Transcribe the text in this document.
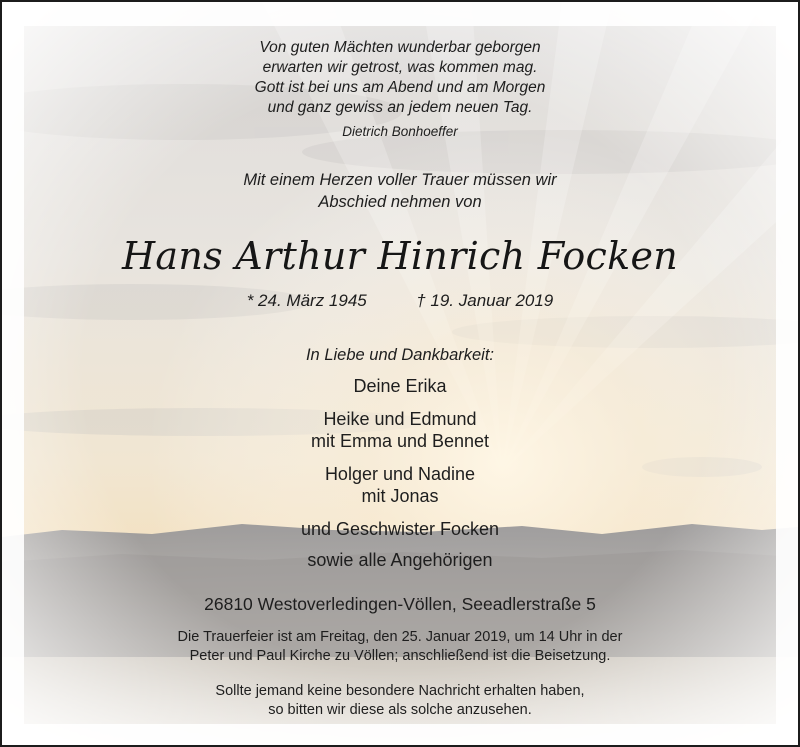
Von guten Mächten wunderbar geborgen
erwarten wir getrost, was kommen mag.
Gott ist bei uns am Abend und am Morgen
und ganz gewiss an jedem neuen Tag.
Dietrich Bonhoeffer
Mit einem Herzen voller Trauer müssen wir
Abschied nehmen von
Hans Arthur Hinrich Focken
* 24. März 1945	† 19. Januar 2019
In Liebe und Dankbarkeit:
Deine Erika
Heike und Edmund
mit Emma und Bennet
Holger und Nadine
mit Jonas
und Geschwister Focken
sowie alle Angehörigen
26810 Westoverledingen-Völlen, Seeadlerstraße 5
Die Trauerfeier ist am Freitag, den 25. Januar 2019, um 14 Uhr in der
Peter und Paul Kirche zu Völlen; anschließend ist die Beisetzung.
Sollte jemand keine besondere Nachricht erhalten haben,
so bitten wir diese als solche anzusehen.
